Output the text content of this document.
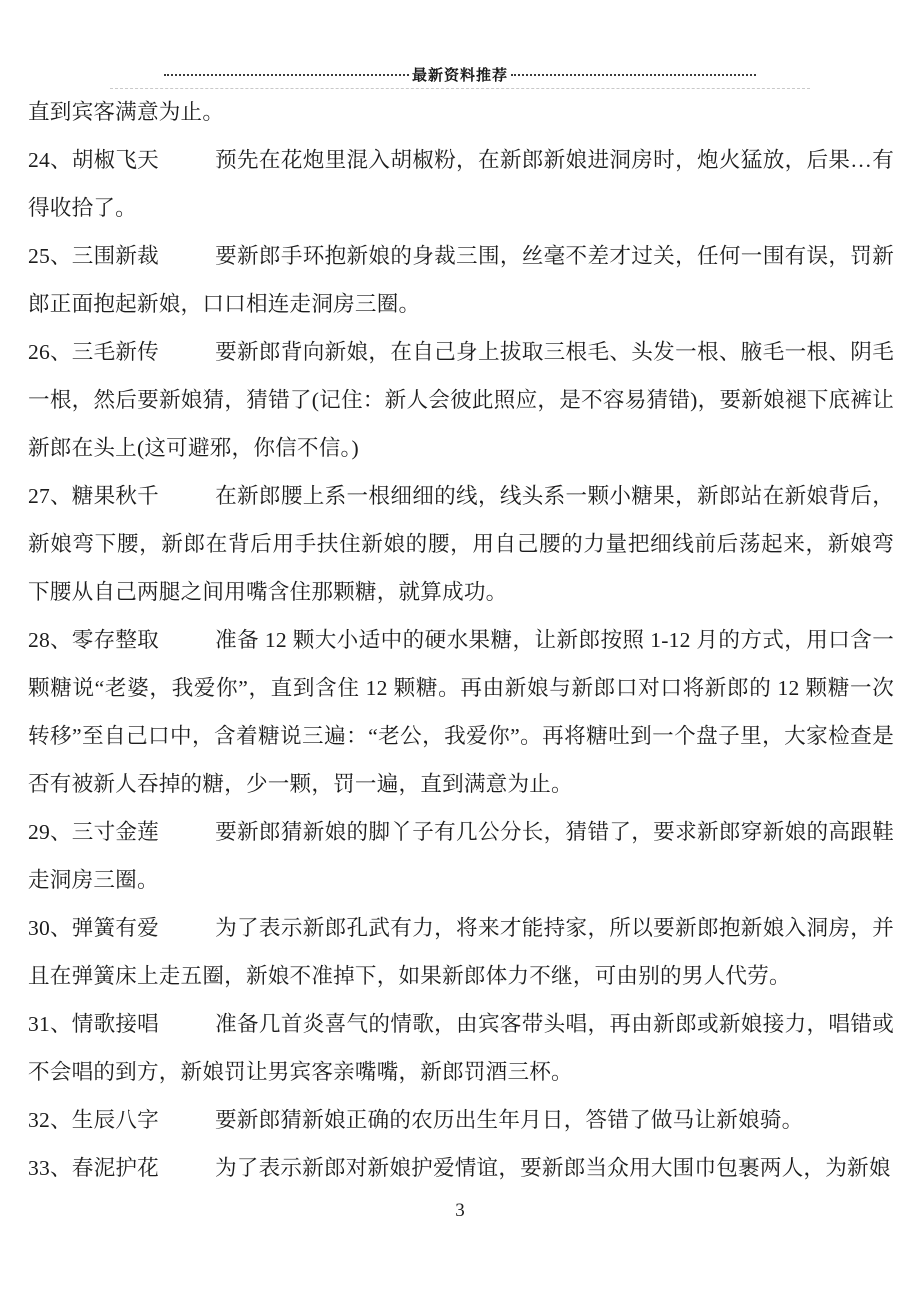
最新资料推荐

直到宾客满意为止。

24、胡椒飞天	预先在花炮里混入胡椒粉，在新郎新娘进洞房时，炮火猛放，后果…有得收拾了。

25、三围新裁	要新郎手环抱新娘的身裁三围，丝毫不差才过关，任何一围有误，罚新郎正面抱起新娘，口口相连走洞房三圈。

26、三毛新传	要新郎背向新娘，在自己身上拔取三根毛、头发一根、腋毛一根、阴毛一根，然后要新娘猜，猜错了(记住：新人会彼此照应，是不容易猜错)，要新娘褪下底裤让新郎在头上(这可避邪，你信不信。)

27、糖果秋千	在新郎腰上系一根细细的线，线头系一颗小糖果，新郎站在新娘背后，新娘弯下腰，新郎在背后用手扶住新娘的腰，用自己腰的力量把细线前后荡起来，新娘弯下腰从自己两腿之间用嘴含住那颗糖，就算成功。

28、零存整取	准备 12 颗大小适中的硬水果糖，让新郎按照 1-12 月的方式，用口含一颗糖说“老婆，我爱你”，直到含住 12 颗糖。再由新娘与新郎口对口将新郎的 12 颗糖一次转移”至自己口中，含着糖说三遍：“老公，我爱你”。再将糖吐到一个盘子里，大家检查是否有被新人吞掉的糖，少一颗，罚一遍，直到满意为止。

29、三寸金莲	要新郎猜新娘的脚丫子有几公分长，猜错了，要求新郎穿新娘的高跟鞋走洞房三圈。

30、弹簧有爱	为了表示新郎孔武有力，将来才能持家，所以要新郎抱新娘入洞房，并且在弹簧床上走五圈，新娘不准掉下，如果新郎体力不继，可由别的男人代劳。

31、情歌接唱	准备几首炎喜气的情歌，由宾客带头唱，再由新郎或新娘接力，唱错或不会唱的到方，新娘罚让男宾客亲嘴嘴，新郎罚酒三杯。

32、生辰八字	要新郎猜新娘正确的农历出生年月日，答错了做马让新娘骑。

33、春泥护花	为了表示新郎对新娘护爱情谊，要新郎当众用大围巾包裹两人，为新娘

3
